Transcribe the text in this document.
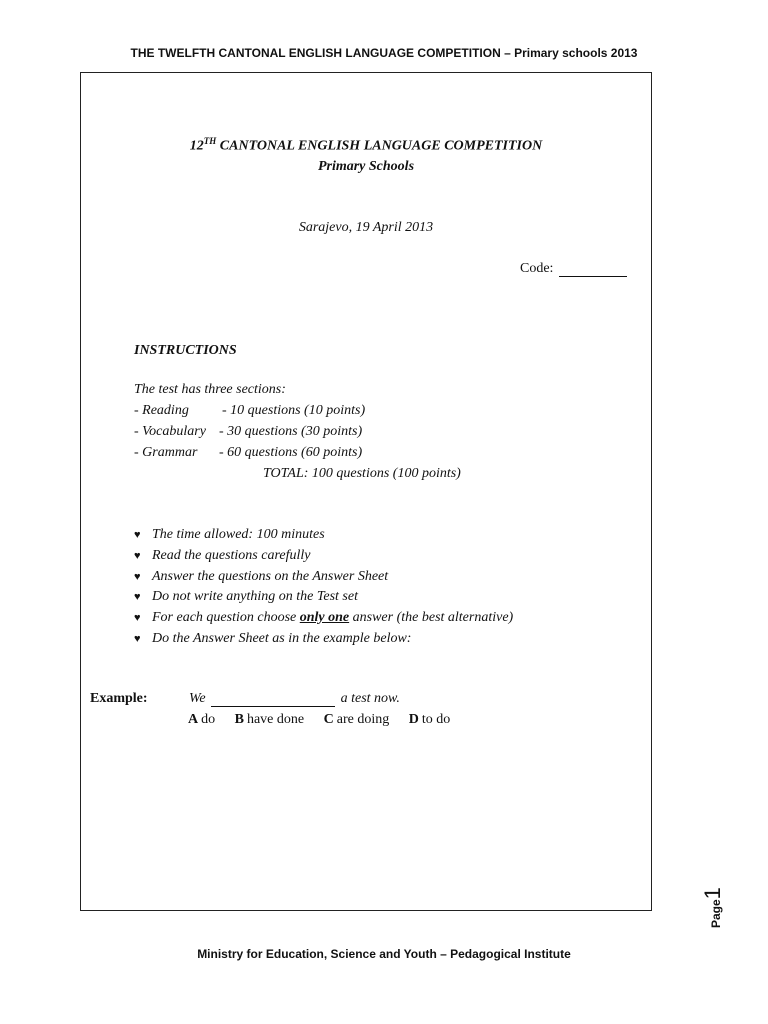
THE TWELFTH CANTONAL ENGLISH LANGUAGE COMPETITION – Primary schools 2013
12TH CANTONAL ENGLISH LANGUAGE COMPETITION
Primary Schools
Sarajevo, 19 April 2013
Code:
INSTRUCTIONS
The test has three sections:
- Reading - 10 questions (10 points)
- Vocabulary - 30 questions (30 points)
- Grammar - 60 questions (60 points)
TOTAL: 100 questions (100 points)
♥ The time allowed: 100 minutes
♥ Read the questions carefully
♥ Answer the questions on the Answer Sheet
♥ Do not write anything on the Test set
♥ For each question choose only one answer (the best alternative)
♥ Do the Answer Sheet as in the example below:
Example:	We	a test now.
A do B have done C are doing D to do
Page1
Ministry for Education, Science and Youth – Pedagogical Institute
